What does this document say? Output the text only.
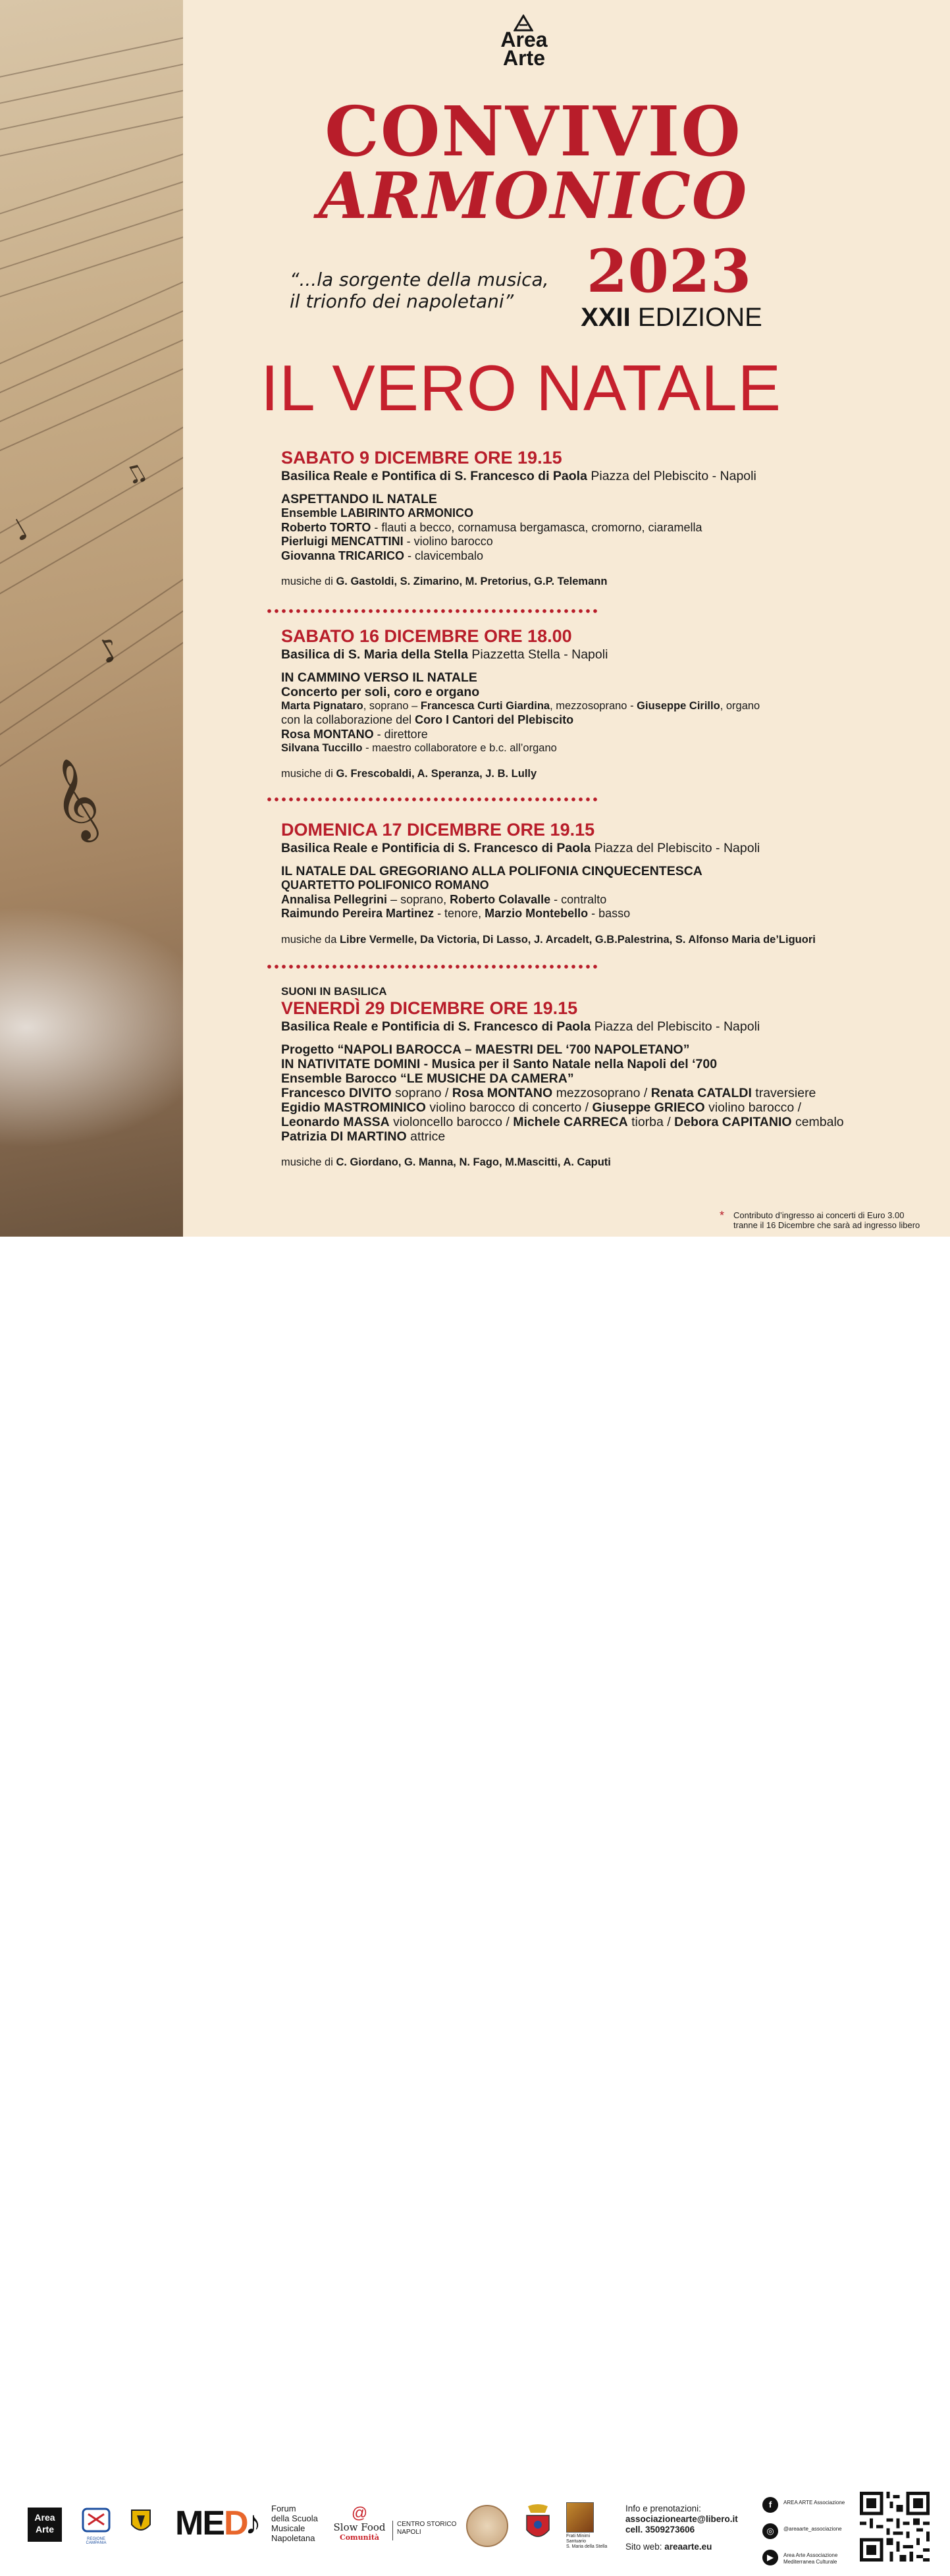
♪
𝄞
♩
♫
Area
Arte
CONVIVIO
ARMONICO
“...la sorgente della musica,
il trionfo dei napoletani”	2023
XXII EDIZIONE
IL VERO NATALE
SABATO 9 DICEMBRE ORE 19.15
Basilica Reale e Pontifica di S. Francesco di Paola Piazza del Plebiscito - Napoli
ASPETTANDO IL NATALE
Ensemble LABIRINTO ARMONICO
Roberto TORTO - flauti a becco, cornamusa bergamasca, cromorno, ciaramella
Pierluigi MENCATTINI - violino barocco
Giovanna TRICARICO - clavicembalo
musiche di G. Gastoldi, S. Zimarino, M. Pretorius, G.P. Telemann
SABATO 16 DICEMBRE ORE 18.00
Basilica di S. Maria della Stella Piazzetta Stella - Napoli
IN CAMMINO VERSO IL NATALE
Concerto per soli, coro e organo
Marta Pignataro, soprano – Francesca Curti Giardina, mezzosoprano - Giuseppe Cirillo, organo
con la collaborazione del Coro I Cantori del Plebiscito
Rosa MONTANO - direttore
Silvana Tuccillo - maestro collaboratore e b.c. all’organo
musiche di G. Frescobaldi, A. Speranza, J. B. Lully
DOMENICA 17 DICEMBRE ORE 19.15
Basilica Reale e Pontificia di S. Francesco di Paola Piazza del Plebiscito - Napoli
IL NATALE DAL GREGORIANO ALLA POLIFONIA CINQUECENTESCA
QUARTETTO POLIFONICO ROMANO
Annalisa Pellegrini – soprano, Roberto Colavalle - contralto
Raimundo Pereira Martinez - tenore, Marzio Montebello - basso
musiche da Libre Vermelle, Da Victoria, Di Lasso, J. Arcadelt, G.B.Palestrina, S. Alfonso Maria de’Liguori
SUONI IN BASILICA
VENERDÌ 29 DICEMBRE ORE 19.15
Basilica Reale e Pontificia di S. Francesco di Paola Piazza del Plebiscito - Napoli
Progetto “NAPOLI BAROCCA – MAESTRI DEL ‘700 NAPOLETANO”
IN NATIVITATE DOMINI - Musica per il Santo Natale nella Napoli del ‘700
Ensemble Barocco “LE MUSICHE DA CAMERA”
Francesco DIVITO soprano / Rosa MONTANO mezzosoprano / Renata CATALDI traversiere
Egidio MASTROMINICO violino barocco di concerto / Giuseppe GRIECO violino barocco /
Leonardo MASSA violoncello barocco / Michele CARRECA tiorba / Debora CAPITANIO cembalo
Patrizia DI MARTINO attrice
musiche di C. Giordano, G. Manna, N. Fago, M.Mascitti, A. Caputi
*	Contributo d’ingresso ai concerti di Euro 3.00
tranne il 16 Dicembre che sarà ad ingresso libero
Area Arte
REGIONE CAMPANIA
MED
♪ Forum
della Scuola
Musicale
Napoletana
@
Slow Food
Comunità
CENTRO STORICO
NAPOLI
Frati Minimi
Santuario
S. Maria della Stella
Info e prenotazioni:
associazionearte@libero.it
cell. 3509273606
Sito web: areaarte.eu
f	AREA ARTE Associazione
◎	@areaarte_associazione
▶	Area Arte Associazione Mediterranea Culturale
